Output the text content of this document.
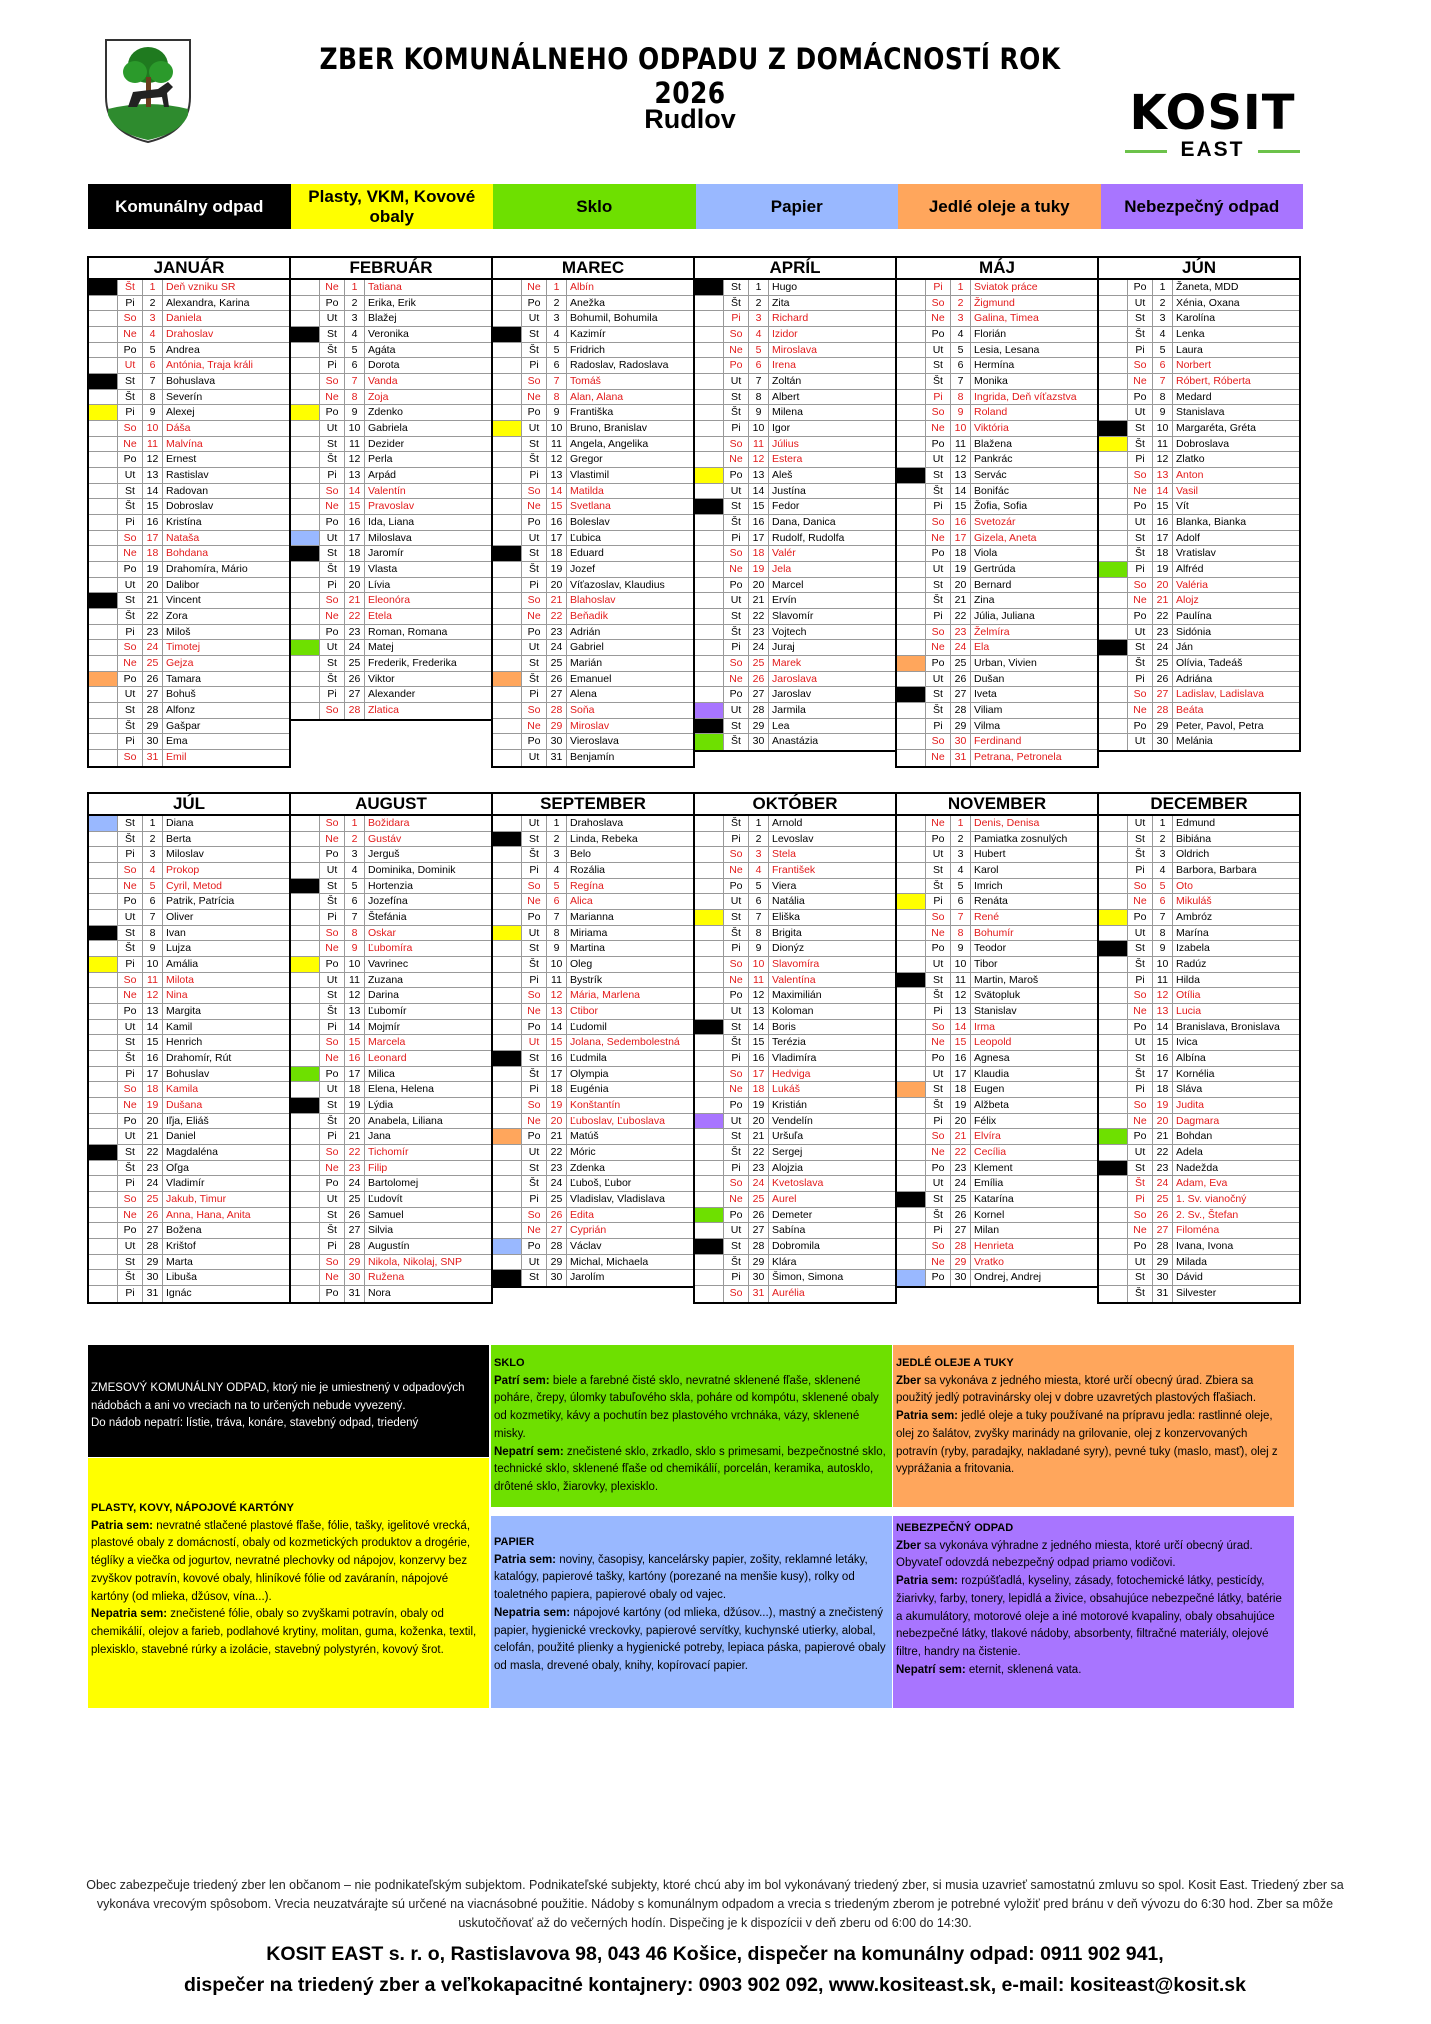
ZBER KOMUNÁLNEHO ODPADU Z DOMÁCNOSTÍ ROK 2026
Rudlov	KOSIT
EAST
Komunálny odpad
Plasty, VKM, Kovové obaly
Sklo	Papier	Jedlé oleje a tuky	Nebezpečný odpad
JANUÁR
Št	1	Deň vzniku SR
Pi	2	Alexandra, Karina
So	3	Daniela
Ne	4	Drahoslav
Po	5	Andrea
Ut	6	Antónia, Traja králi
St	7	Bohuslava
Št	8	Severín
Pi	9	Alexej
So 10 Dáša
Ne 11 Malvína
Po 12 Ernest
Ut	13 Rastislav
St	14 Radovan
Št	15 Dobroslav
Pi	16 Kristína
So 17 Nataša
Ne 18 Bohdana
Po 19 Drahomíra, Mário
Ut	20 Dalibor
St	21 Vincent
Št	22 Zora
Pi	23 Miloš
So 24 Timotej
Ne 25 Gejza
Po 26 Tamara
Ut	27 Bohuš
St	28 Alfonz
Št	29 Gašpar
Pi	30 Ema
So 31 Emil
FEBRUÁR
Ne	1	Tatiana
Po	2	Erika, Erik
Ut	3	Blažej
St	4	Veronika
Št	5	Agáta
Pi	6	Dorota
So	7	Vanda
Ne	8	Zoja
Po	9	Zdenko
Ut	10 Gabriela
St	11 Dezider
Št	12 Perla
Pi	13 Arpád
So 14 Valentín
Ne 15 Pravoslav
Po 16 Ida, Liana
Ut	17 Miloslava
St	18 Jaromír
Št	19 Vlasta
Pi	20 Lívia
So 21 Eleonóra
Ne 22 Etela
Po 23 Roman, Romana
Ut	24 Matej
St	25 Frederik, Frederika
Št	26 Viktor
Pi	27 Alexander
So 28 Zlatica
MAREC
Ne	1	Albín
Po	2	Anežka
Ut	3	Bohumil, Bohumila
St	4	Kazimír
Št	5	Fridrich
Pi	6	Radoslav, Radoslava
So	7	Tomáš
Ne	8	Alan, Alana
Po	9	Františka
Ut	10 Bruno, Branislav
St	11 Angela, Angelika
Št	12 Gregor
Pi	13 Vlastimil
So 14 Matilda
Ne 15 Svetlana
Po 16 Boleslav
Ut	17 Ľubica
St	18 Eduard
Št	19 Jozef
Pi	20 Víťazoslav, Klaudius
So 21 Blahoslav
Ne 22 Beňadik
Po 23 Adrián
Ut	24 Gabriel
St	25 Marián
Št	26 Emanuel
Pi	27 Alena
So 28 Soňa
Ne 29 Miroslav
Po 30 Vieroslava
Ut	31 Benjamín
APRÍL
St	1	Hugo
Št	2	Zita
Pi	3	Richard
So	4	Izidor
Ne	5	Miroslava
Po	6	Irena
Ut	7	Zoltán
St	8	Albert
Št	9	Milena
Pi	10 Igor
So	11 Július
Ne 12 Estera
Po 13 Aleš
Ut	14 Justína
St	15 Fedor
Št	16 Dana, Danica
Pi	17 Rudolf, Rudolfa
So 18 Valér
Ne 19 Jela
Po 20 Marcel
Ut	21 Ervín
St	22 Slavomír
Št	23 Vojtech
Pi	24 Juraj
So 25 Marek
Ne 26 Jaroslava
Po 27 Jaroslav
Ut	28 Jarmila
St	29 Lea
Št	30 Anastázia
MÁJ
Pi	1	Sviatok práce
So	2	Žigmund
Ne	3	Galina, Timea
Po	4	Florián
Ut	5	Lesia, Lesana
St	6	Hermína
Št	7	Monika
Pi	8	Ingrida, Deň víťazstva
So	9	Roland
Ne 10 Viktória
Po	11 Blažena
Ut	12 Pankrác
St	13 Servác
Št	14 Bonifác
Pi	15 Žofia, Sofia
So 16 Svetozár
Ne 17 Gizela, Aneta
Po 18 Viola
Ut	19 Gertrúda
St	20 Bernard
Št	21 Zina
Pi	22 Júlia, Juliana
So 23 Želmíra
Ne 24 Ela
Po 25 Urban, Vivien
Ut	26 Dušan
St	27 Iveta
Št	28 Viliam
Pi	29 Vilma
So 30 Ferdinand
Ne 31 Petrana, Petronela
JÚN
Po	1	Žaneta, MDD
Ut	2	Xénia, Oxana
St	3	Karolína
Št	4	Lenka
Pi	5	Laura
So	6	Norbert
Ne	7	Róbert, Róberta
Po	8	Medard
Ut	9	Stanislava
St	10 Margaréta, Gréta
Št	11 Dobroslava
Pi	12 Zlatko
So 13 Anton
Ne 14 Vasil
Po 15 Vít
Ut	16 Blanka, Bianka
St	17 Adolf
Št	18 Vratislav
Pi	19 Alfréd
So 20 Valéria
Ne 21 Alojz
Po 22 Paulína
Ut	23 Sidónia
St	24 Ján
Št	25 Olívia, Tadeáš
Pi	26 Adriána
So 27 Ladislav, Ladislava
Ne 28 Beáta
Po 29 Peter, Pavol, Petra
Ut	30 Melánia
JÚL
St	1	Diana
Št	2	Berta
Pi	3	Miloslav
So	4	Prokop
Ne	5	Cyril, Metod
Po	6	Patrik, Patrícia
Ut	7	Oliver
St	8	Ivan
Št	9	Lujza
Pi	10 Amália
So	11 Milota
Ne 12 Nina
Po 13 Margita
Ut	14 Kamil
St	15 Henrich
Št	16 Drahomír, Rút
Pi	17 Bohuslav
So 18 Kamila
Ne 19 Dušana
Po 20 Iľja, Eliáš
Ut	21 Daniel
St	22 Magdaléna
Št	23 Oľga
Pi	24 Vladimír
So 25 Jakub, Timur
Ne 26 Anna, Hana, Anita
Po 27 Božena
Ut	28 Krištof
St	29 Marta
Št	30 Libuša
Pi	31 Ignác
AUGUST
So	1	Božidara
Ne	2	Gustáv
Po	3	Jerguš
Ut	4	Dominika, Dominik
St	5	Hortenzia
Št	6	Jozefína
Pi	7	Štefánia
So	8	Oskar
Ne	9	Ľubomíra
Po 10 Vavrinec
Ut	11 Zuzana
St	12 Darina
Št	13 Ľubomír
Pi	14 Mojmír
So 15 Marcela
Ne 16 Leonard
Po 17 Milica
Ut	18 Elena, Helena
St	19 Lýdia
Št	20 Anabela, Liliana
Pi	21 Jana
So 22 Tichomír
Ne 23 Filip
Po 24 Bartolomej
Ut	25 Ľudovít
St	26 Samuel
Št	27 Silvia
Pi	28 Augustín
So 29 Nikola, Nikolaj, SNP
Ne 30 Ružena
Po 31 Nora
SEPTEMBER
Ut	1	Drahoslava
St	2	Linda, Rebeka
Št	3	Belo
Pi	4	Rozália
So	5	Regína
Ne	6	Alica
Po	7	Marianna
Ut	8	Miriama
St	9	Martina
Št	10 Oleg
Pi	11 Bystrík
So 12 Mária, Marlena
Ne 13 Ctibor
Po 14 Ľudomil
Ut	15 Jolana, Sedembolestná
St	16 Ľudmila
Št	17 Olympia
Pi	18 Eugénia
So 19 Konštantín
Ne 20 Ľuboslav, Ľuboslava
Po 21 Matúš
Ut	22 Móric
St	23 Zdenka
Št	24 Ľuboš, Ľubor
Pi	25 Vladislav, Vladislava
So 26 Edita
Ne 27 Cyprián
Po 28 Václav
Ut	29 Michal, Michaela
St	30 Jarolím
OKTÓBER
Št	1	Arnold
Pi	2	Levoslav
So	3	Stela
Ne	4	František
Po	5	Viera
Ut	6	Natália
St	7	Eliška
Št	8	Brigita
Pi	9	Dionýz
So 10 Slavomíra
Ne 11 Valentína
Po 12 Maximilián
Ut	13 Koloman
St	14 Boris
Št	15 Terézia
Pi	16 Vladimíra
So 17 Hedviga
Ne 18 Lukáš
Po 19 Kristián
Ut	20 Vendelín
St	21 Uršuľa
Št	22 Sergej
Pi	23 Alojzia
So 24 Kvetoslava
Ne 25 Aurel
Po 26 Demeter
Ut	27 Sabína
St	28 Dobromila
Št	29 Klára
Pi	30 Šimon, Simona
So 31 Aurélia
NOVEMBER
Ne	1	Denis, Denisa
Po	2	Pamiatka zosnulých
Ut	3	Hubert
St	4	Karol
Št	5	Imrich
Pi	6	Renáta
So	7	René
Ne	8	Bohumír
Po	9	Teodor
Ut	10 Tibor
St	11 Martin, Maroš
Št	12 Svätopluk
Pi	13 Stanislav
So 14 Irma
Ne 15 Leopold
Po 16 Agnesa
Ut	17 Klaudia
St	18 Eugen
Št	19 Alžbeta
Pi	20 Félix
So 21 Elvíra
Ne 22 Cecília
Po 23 Klement
Ut	24 Emília
St	25 Katarína
Št	26 Kornel
Pi	27 Milan
So 28 Henrieta
Ne 29 Vratko
Po 30 Ondrej, Andrej
DECEMBER
Ut	1	Edmund
St	2	Bibiána
Št	3	Oldrich
Pi	4	Barbora, Barbara
So	5	Oto
Ne	6	Mikuláš
Po	7	Ambróz
Ut	8	Marína
St	9	Izabela
Št	10 Radúz
Pi	11 Hilda
So 12 Otília
Ne 13 Lucia
Po 14 Branislava, Bronislava
Ut	15 Ivica
St	16 Albína
Št	17 Kornélia
Pi	18 Sláva
So 19 Judita
Ne 20 Dagmara
Po 21 Bohdan
Ut	22 Adela
St	23 Nadežda
Št	24 Adam, Eva
Pi	25 1. Sv. vianočný
So 26 2. Sv., Štefan
Ne 27 Filoména
Po 28 Ivana, Ivona
Ut	29 Milada
St	30 Dávid
Št	31 Silvester
ZMESOVÝ KOMUNÁLNY ODPAD, ktorý nie je umiestnený v odpadových nádobách a ani vo vreciach na to určených nebude vyvezený.
Do nádob nepatrí: lístie, tráva, konáre, stavebný odpad, triedený
PLASTY, KOVY, NÁPOJOVÉ KARTÓNY
Patria sem: nevratné stlačené plastové fľaše, fólie, tašky, igelitové vrecká, plastové obaly z domácností, obaly od kozmetických produktov a drogérie, téglíky a viečka od jogurtov, nevratné plechovky od nápojov, konzervy bez zvyškov potravín, kovové obaly, hliníkové fólie od zaváranín, nápojové kartóny (od mlieka, džúsov, vína...).
Nepatria sem: znečistené fólie, obaly so zvyškami potravín, obaly od chemikálií, olejov a farieb, podlahové krytiny, molitan, guma, koženka, textil, plexisklo, stavebné rúrky a izolácie, stavebný polystyrén, kovový šrot.
SKLO
Patrí sem: biele a farebné čisté sklo, nevratné sklenené fľaše, sklenené poháre, črepy, úlomky tabuľového skla, poháre od kompótu, sklenené obaly od kozmetiky, kávy a pochutín bez plastového vrchnáka, vázy, sklenené misky.
Nepatrí sem: znečistené sklo, zrkadlo, sklo s primesami, bezpečnostné sklo, technické sklo, sklenené fľaše od chemikálií, porcelán, keramika, autosklo, drôtené sklo, žiarovky, plexisklo.
PAPIER
Patria sem: noviny, časopisy, kancelársky papier, zošity, reklamné letáky, katalógy, papierové tašky, kartóny (porezané na menšie kusy), rolky od toaletného papiera, papierové obaly od vajec.
Nepatria sem: nápojové kartóny (od mlieka, džúsov...), mastný a znečistený papier, hygienické vreckovky, papierové servítky, kuchynské utierky, alobal, celofán, použité plienky a hygienické potreby, lepiaca páska, papierové obaly od masla, drevené obaly, knihy, kopírovací papier.
JEDLÉ OLEJE A TUKY
Zber sa vykonáva z jedného miesta, ktoré určí obecný úrad. Zbiera sa použitý jedlý potravinársky olej v dobre uzavretých plastových fľašiach.
Patria sem: jedlé oleje a tuky používané na prípravu jedla: rastlinné oleje, olej zo šalátov, zvyšky marinády na grilovanie, olej z konzervovaných potravín (ryby, paradajky, nakladané syry), pevné tuky (maslo, masť), olej z vyprážania a fritovania.
NEBEZPEČNÝ ODPAD
Zber sa vykonáva výhradne z jedného miesta, ktoré určí obecný úrad. Obyvateľ odovzdá nebezpečný odpad priamo vodičovi.
Patria sem: rozpúšťadlá, kyseliny, zásady, fotochemické látky, pesticídy, žiarivky, farby, tonery, lepidlá a živice, obsahujúce nebezpečné látky, batérie a akumulátory, motorové oleje a iné motorové kvapaliny, obaly obsahujúce nebezpečné látky, tlakové nádoby, absorbenty, filtračné materiály, olejové filtre, handry na čistenie.
Nepatrí sem: eternit, sklenená vata.
Obec zabezpečuje triedený zber len občanom – nie podnikateľským subjektom. Podnikateľské subjekty, ktoré chcú aby im bol vykonávaný triedený zber, si musia uzavrieť samostatnú zmluvu so spol. Kosit East. Triedený zber sa vykonáva vrecovým spôsobom. Vrecia neuzatvárajte sú určené na viacnásobné použitie. Nádoby s komunálnym odpadom a vrecia s triedeným zberom je potrebné vyložiť pred bránu v deň vývozu do 6:30 hod. Zber sa môže uskutočňovať až do večerných hodín. Dispečing je k dispozícii v deň zberu od 6:00 do 14:30.
KOSIT EAST s. r. o, Rastislavova 98, 043 46 Košice, dispečer na komunálny odpad: 0911 902 941,
dispečer na triedený zber a veľkokapacitné kontajnery: 0903 902 092, www.kositeast.sk, e-mail: kositeast@kosit.sk
